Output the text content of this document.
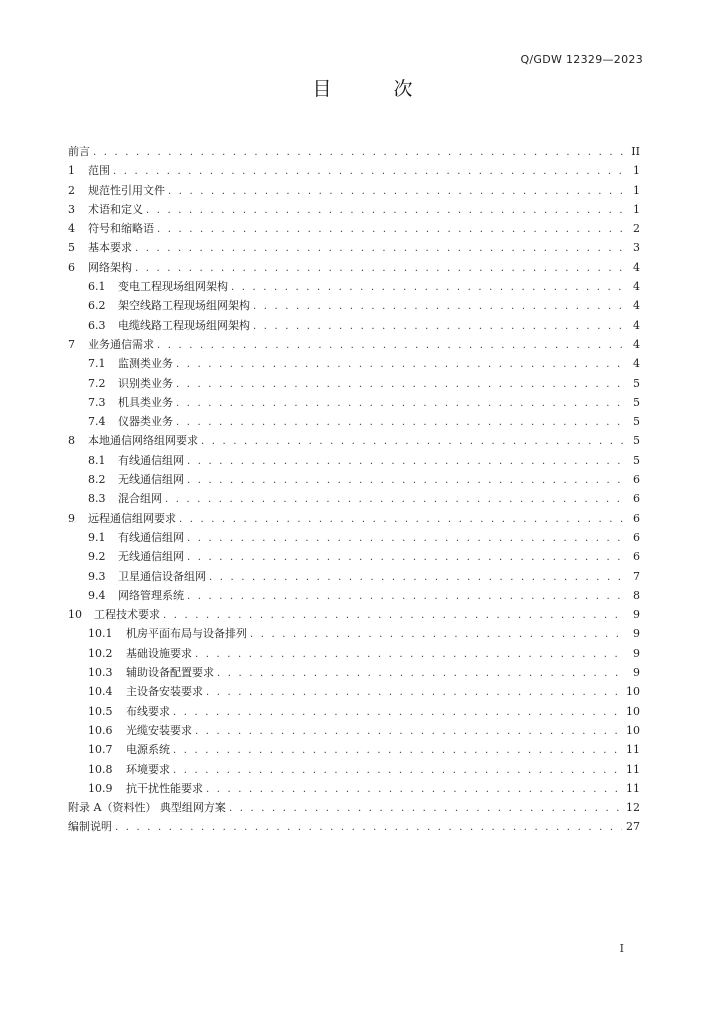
Q/GDW 12329—2023
目 次
前言 . . .	II
1	范围 . . .	1
2	规范性引用文件 . . .	1
3	术语和定义 . . .	1
4	符号和缩略语 . . .	2
5	基本要求 . . .	3
6	网络架构 . . .	4
6.1	变电工程现场组网架构 . . .	4
6.2	架空线路工程现场组网架构 . . .	4
6.3	电缆线路工程现场组网架构 . . .	4
7	业务通信需求 . . .	4
7.1	监测类业务 . . .	4
7.2	识别类业务 . . .	5
7.3	机具类业务 . . .	5
7.4	仪器类业务 . . .	5
8	本地通信网络组网要求 . . .	5
8.1	有线通信组网 . . .	5
8.2	无线通信组网 . . .	6
8.3	混合组网 . . .	6
9	远程通信组网要求 . . .	6
9.1	有线通信组网 . . .	6
9.2	无线通信组网 . . .	6
9.3	卫星通信设备组网 . . .	7
9.4	网络管理系统 . . .	8
10	工程技术要求 . . .	9
10.1	机房平面布局与设备排列 . . .	9
10.2	基础设施要求 . . .	9
10.3	辅助设备配置要求 . . .	9
10.4	主设备安装要求 . . .	10
10.5	布线要求 . . .	10
10.6	光缆安装要求 . . .	10
10.7	电源系统 . . .	11
10.8	环境要求 . . .	11
10.9	抗干扰性能要求 . . .	11
附录 A（资料性） 典型组网方案 . . .	12
编制说明 . . .	27
I
